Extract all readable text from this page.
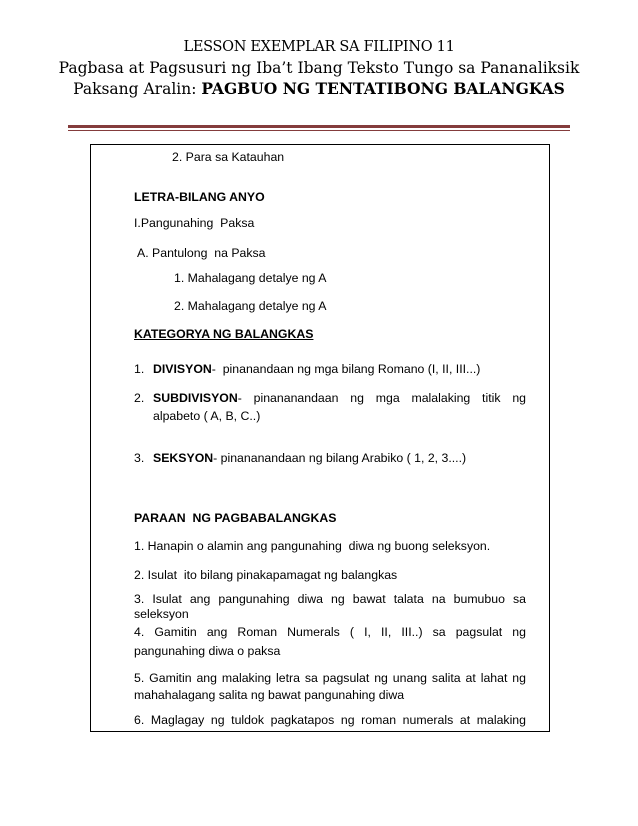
LESSON EXEMPLAR SA FILIPINO 11
Pagbasa at Pagsusuri ng Iba’t Ibang Teksto Tungo sa Pananaliksik
Paksang Aralin: PAGBUO NG TENTATIBONG BALANGKAS
2. Para sa Katauhan
LETRA-BILANG ANYO
I.Pangunahing  Paksa
A. Pantulong  na Paksa
1. Mahalagang detalye ng A
2. Mahalagang detalye ng A
KATEGORYA NG BALANGKAS
1. DIVISYON-  pinanandaan ng mga bilang Romano (I, II, III...)
2. SUBDIVISYON- pinananandaan ng mga malalaking titik ng
alpabeto ( A, B, C..)
3. SEKSYON- pinananandaan ng bilang Arabiko ( 1, 2, 3....)
PARAAN  NG PAGBABALANGKAS
1. Hanapin o alamin ang pangunahing  diwa ng buong seleksyon.
2. Isulat  ito bilang pinakapamagat ng balangkas
3. Isulat ang pangunahing diwa ng bawat talata na bumubuo sa
seleksyon
4. Gamitin ang Roman Numerals ( I, II, III..) sa pagsulat ng
pangunahing diwa o paksa
5. Gamitin ang malaking letra sa pagsulat ng unang salita at lahat ng
mahahalagang salita ng bawat pangunahing diwa
6. Maglagay ng tuldok pagkatapos ng roman numerals at malaking
